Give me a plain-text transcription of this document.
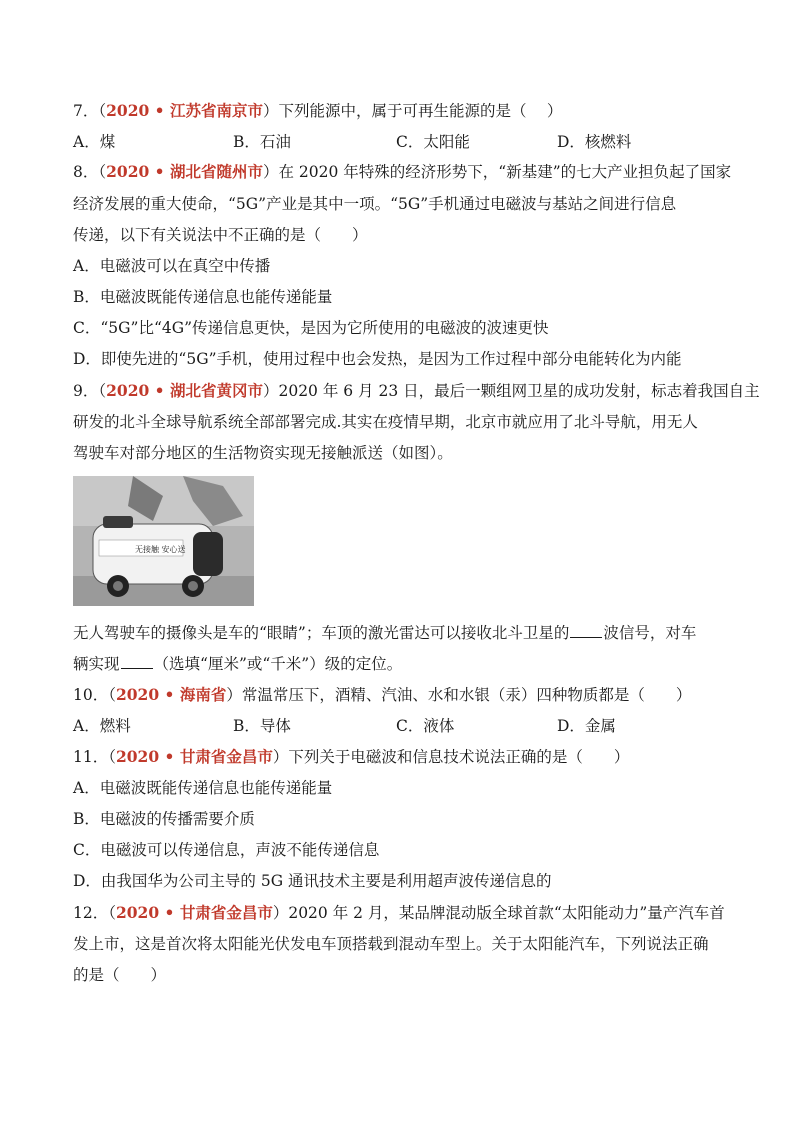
7．（2020 • 江苏省南京市）下列能源中，属于可再生能源的是（　 ）
A．煤	B．石油	C．太阳能	D．核燃料
8．（2020 • 湖北省随州市）在 2020 年特殊的经济形势下，“新基建”的七大产业担负起了国家
经济发展的重大使命，“5G”产业是其中一项。“5G”手机通过电磁波与基站之间进行信息
传递，以下有关说法中不正确的是（　　）
A．电磁波可以在真空中传播
B．电磁波既能传递信息也能传递能量
C．“5G”比“4G”传递信息更快，是因为它所使用的电磁波的波速更快
D．即使先进的“5G”手机，使用过程中也会发热，是因为工作过程中部分电能转化为内能
9．（2020 • 湖北省黄冈市）2020 年 6 月 23 日，最后一颗组网卫星的成功发射，标志着我国自主
研发的北斗全球导航系统全部部署完成.其实在疫情早期，北京市就应用了北斗导航，用无人
驾驶车对部分地区的生活物资实现无接触派送（如图）。
无接触 安心送
无人驾驶车的摄像头是车的“眼睛”；车顶的激光雷达可以接收北斗卫星的 波信号，对车
辆实现 （选填“厘米”或“千米”）级的定位。
10．（2020 • 海南省）常温常压下，酒精、汽油、水和水银（汞）四种物质都是（　　）
A．燃料	B．导体	C．液体	D．金属
11．（2020 • 甘肃省金昌市）下列关于电磁波和信息技术说法正确的是（　　）
A．电磁波既能传递信息也能传递能量
B．电磁波的传播需要介质
C．电磁波可以传递信息，声波不能传递信息
D．由我国华为公司主导的 5G 通讯技术主要是利用超声波传递信息的
12．（2020 • 甘肃省金昌市）2020 年 2 月，某品牌混动版全球首款“太阳能动力”量产汽车首
发上市，这是首次将太阳能光伏发电车顶搭载到混动车型上。关于太阳能汽车，下列说法正确
的是（　　）
